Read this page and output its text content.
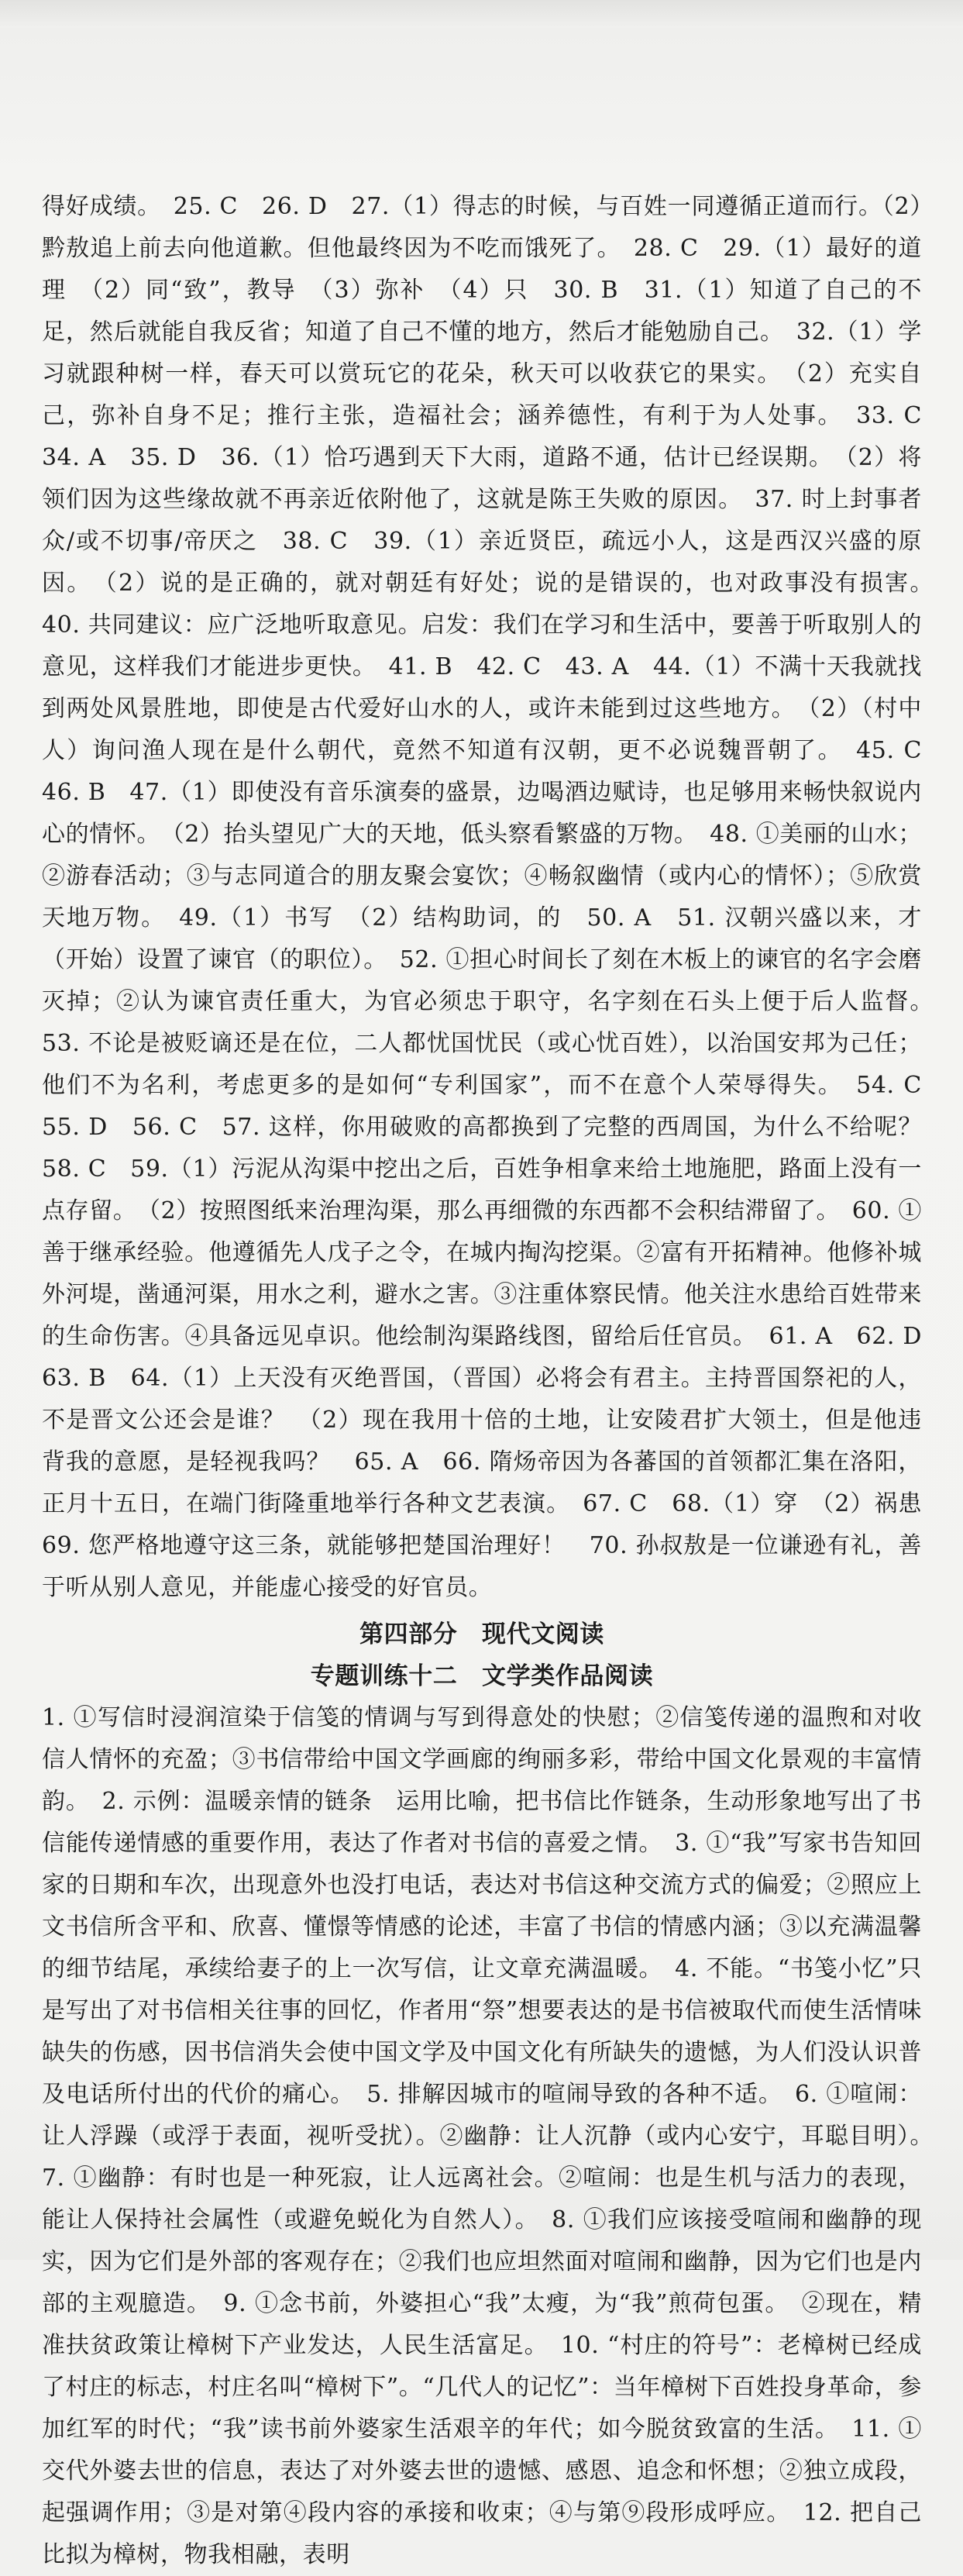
得好成绩。　25. C　26. D　27.（1）得志的时候，与百姓一同遵循正道而行。（2）黔敖追上前去向他道歉。但他最终因为不吃而饿死了。　28. C　29.（1）最好的道理　（2）同“致”，教导　（3）弥补　（4）只　30. B　31.（1）知道了自己的不足，然后就能自我反省；知道了自己不懂的地方，然后才能勉励自己。　32.（1）学习就跟种树一样，春天可以赏玩它的花朵，秋天可以收获它的果实。　（2）充实自己，弥补自身不足；推行主张，造福社会；涵养德性，有利于为人处事。　33. C　34. A　35. D　36.（1）恰巧遇到天下大雨，道路不通，估计已经误期。　（2）将领们因为这些缘故就不再亲近依附他了，这就是陈王失败的原因。　37. 时上封事者众/或不切事/帝厌之　38. C　39.（1）亲近贤臣，疏远小人，这是西汉兴盛的原因。　（2）说的是正确的，就对朝廷有好处；说的是错误的，也对政事没有损害。　40. 共同建议：应广泛地听取意见。启发：我们在学习和生活中，要善于听取别人的意见，这样我们才能进步更快。　41. B　42. C　43. A　44.（1）不满十天我就找到两处风景胜地，即使是古代爱好山水的人，或许未能到过这些地方。　（2）（村中人）询问渔人现在是什么朝代，竟然不知道有汉朝，更不必说魏晋朝了。　45. C　46. B　47.（1）即使没有音乐演奏的盛景，边喝酒边赋诗，也足够用来畅快叙说内心的情怀。　（2）抬头望见广大的天地，低头察看繁盛的万物。　48. ①美丽的山水；②游春活动；③与志同道合的朋友聚会宴饮；④畅叙幽情（或内心的情怀）；⑤欣赏天地万物。　49.（1）书写　（2）结构助词，的　50. A　51. 汉朝兴盛以来，才（开始）设置了谏官（的职位）。　52. ①担心时间长了刻在木板上的谏官的名字会磨灭掉；②认为谏官责任重大，为官必须忠于职守，名字刻在石头上便于后人监督。　53. 不论是被贬谪还是在位，二人都忧国忧民（或心忧百姓），以治国安邦为己任；他们不为名利，考虑更多的是如何“专利国家”，而不在意个人荣辱得失。　54. C　55. D　56. C　57. 这样，你用破败的高都换到了完整的西周国，为什么不给呢？　58. C　59.（1）污泥从沟渠中挖出之后，百姓争相拿来给土地施肥，路面上没有一点存留。　（2）按照图纸来治理沟渠，那么再细微的东西都不会积结滞留了。　60. ①善于继承经验。他遵循先人戊子之令，在城内掏沟挖渠。②富有开拓精神。他修补城外河堤，凿通河渠，用水之利，避水之害。③注重体察民情。他关注水患给百姓带来的生命伤害。④具备远见卓识。他绘制沟渠路线图，留给后任官员。　61. A　62. D　63. B　64.（1）上天没有灭绝晋国，（晋国）必将会有君主。主持晋国祭祀的人，不是晋文公还会是谁？　（2）现在我用十倍的土地，让安陵君扩大领土，但是他违背我的意愿，是轻视我吗？　65. A　66. 隋炀帝因为各蕃国的首领都汇集在洛阳，正月十五日，在端门街隆重地举行各种文艺表演。　67. C　68.（1）穿　（2）祸患　69. 您严格地遵守这三条，就能够把楚国治理好！　70. 孙叔敖是一位谦逊有礼，善于听从别人意见，并能虚心接受的好官员。

第四部分　现代文阅读
专题训练十二　文学类作品阅读

1. ①写信时浸润渲染于信笺的情调与写到得意处的快慰；②信笺传递的温煦和对收信人情怀的充盈；③书信带给中国文学画廊的绚丽多彩，带给中国文化景观的丰富情韵。　2. 示例：温暖亲情的链条　运用比喻，把书信比作链条，生动形象地写出了书信能传递情感的重要作用，表达了作者对书信的喜爱之情。　3. ①“我”写家书告知回家的日期和车次，出现意外也没打电话，表达对书信这种交流方式的偏爱；②照应上文书信所含平和、欣喜、懂憬等情感的论述，丰富了书信的情感内涵；③以充满温馨的细节结尾，承续给妻子的上一次写信，让文章充满温暖。　4. 不能。“书笺小忆”只是写出了对书信相关往事的回忆，作者用“祭”想要表达的是书信被取代而使生活情味缺失的伤感，因书信消失会使中国文学及中国文化有所缺失的遗憾，为人们没认识普及电话所付出的代价的痛心。　5. 排解因城市的喧闹导致的各种不适。　6. ①喧闹：让人浮躁（或浮于表面，视听受扰）。②幽静：让人沉静（或内心安宁，耳聪目明）。　7. ①幽静：有时也是一种死寂，让人远离社会。②喧闹：也是生机与活力的表现，能让人保持社会属性（或避免蜕化为自然人）。　8. ①我们应该接受喧闹和幽静的现实，因为它们是外部的客观存在；②我们也应坦然面对喧闹和幽静，因为它们也是内部的主观臆造。　9. ①念书前，外婆担心“我”太瘦，为“我”煎荷包蛋。　②现在，精准扶贫政策让樟树下产业发达，人民生活富足。　10. “村庄的符号”：老樟树已经成了村庄的标志，村庄名叫“樟树下”。“几代人的记忆”：当年樟树下百姓投身革命，参加红军的时代；“我”读书前外婆家生活艰辛的年代；如今脱贫致富的生活。　11. ①交代外婆去世的信息，表达了对外婆去世的遗憾、感恩、追念和怀想；②独立成段，起强调作用；③是对第④段内容的承接和收束；④与第⑨段形成呼应。　12. 把自己比拟为樟树，物我相融，表明
